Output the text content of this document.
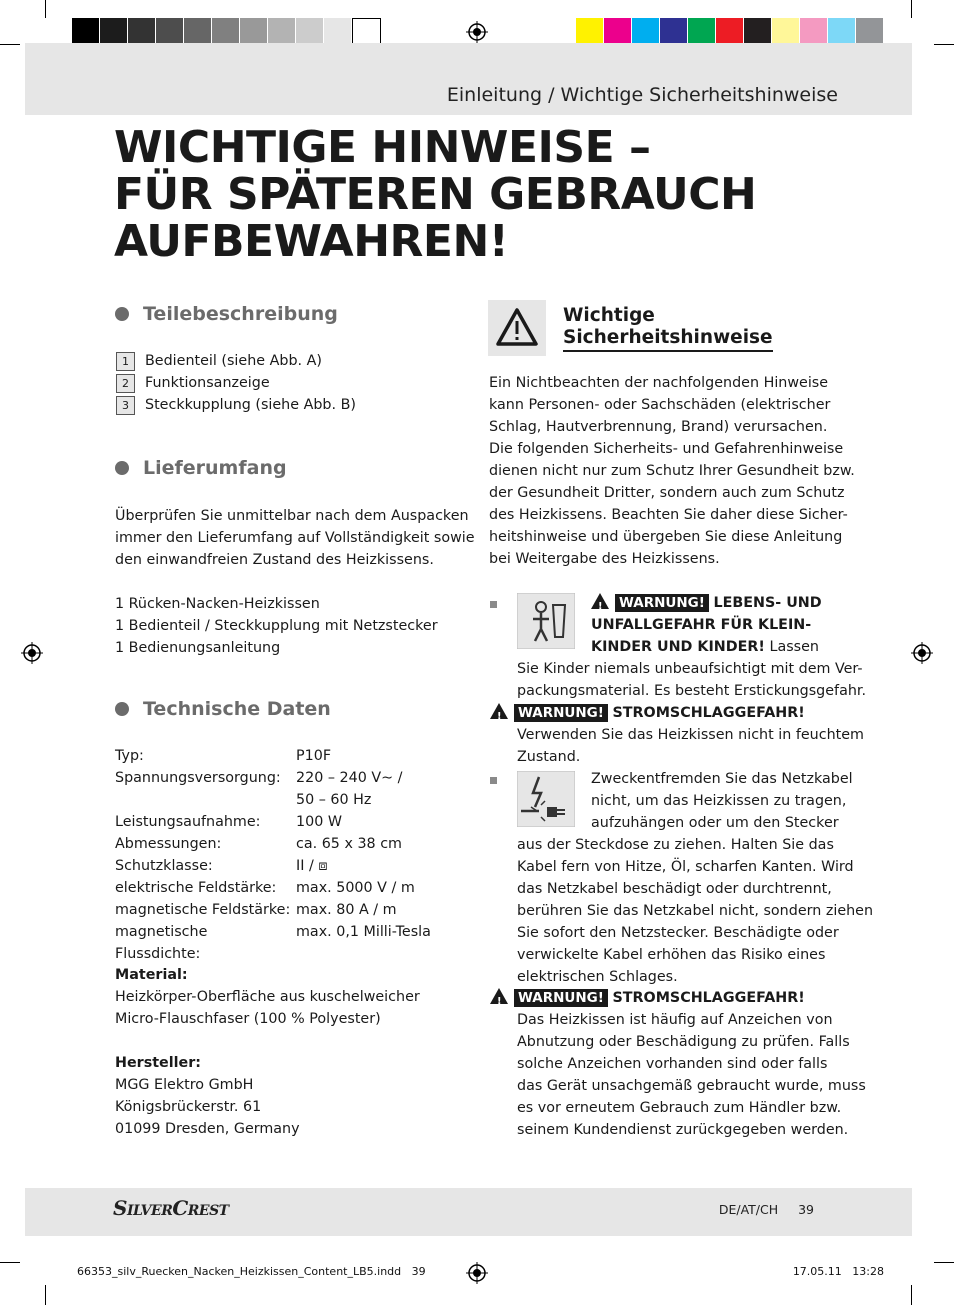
Einleitung / Wichtige Sicherheitshinweise
WICHTIGE HINWEISE –
FÜR SPÄTEREN GEBRAUCH
AUFBEWAHREN!
Teilebeschreibung
1 Bedienteil (siehe Abb. A)
2 Funktionsanzeige
3 Steckkupplung (siehe Abb. B)
Lieferumfang
Überprüfen Sie unmittelbar nach dem Auspacken
immer den Lieferumfang auf Vollständigkeit sowie
den einwandfreien Zustand des Heizkissens.
1 Rücken-Nacken-Heizkissen
1 Bedienteil / Steckkupplung mit Netzstecker
1 Bedienungsanleitung
Technische Daten
Typ:	P10F
Spannungsversorgung:	220 – 240 V∼ /
	50 – 60 Hz
Leistungsaufnahme:	100 W
Abmessungen:	ca. 65 x 38 cm
Schutzklasse:	II / ⧈
elektrische Feldstärke:	max. 5000 V / m
magnetische Feldstärke:	max. 80 A / m
magnetische Flussdichte:	max. 0,1 Milli-Tesla
Material:
Heizkörper-Oberfläche aus kuschelweicher
Micro-Flauschfaser (100 % Polyester)
Hersteller:
MGG Elektro GmbH
Königsbrückerstr. 61
01099 Dresden, Germany
Wichtige
Sicherheitshinweise
Ein Nichtbeachten der nachfolgenden Hinweise
kann Personen- oder Sachschäden (elektrischer
Schlag, Hautverbrennung, Brand) verursachen.
Die folgenden Sicherheits- und Gefahrenhinweise
dienen nicht nur zum Schutz Ihrer Gesundheit bzw.
der Gesundheit Dritter, sondern auch zum Schutz
des Heizkissens. Beachten Sie daher diese Sicher-
heitshinweise und übergeben Sie diese Anleitung
bei Weitergabe des Heizkissens.
!WARNUNG! LEBENS- UND
UNFALLGEFAHR FÜR KLEIN-
KINDER UND KINDER! Lassen
Sie Kinder niemals unbeaufsichtigt mit dem Ver-
packungsmaterial. Es besteht Erstickungsgefahr.
!WARNUNG! STROMSCHLAGGEFAHR!
Verwenden Sie das Heizkissen nicht in feuchtem
Zustand.
Zweckentfremden Sie das Netzkabel
nicht, um das Heizkissen zu tragen,
aufzuhängen oder um den Stecker
aus der Steckdose zu ziehen. Halten Sie das
Kabel fern von Hitze, Öl, scharfen Kanten. Wird
das Netzkabel beschädigt oder durchtrennt,
berühren Sie das Netzkabel nicht, sondern ziehen
Sie sofort den Netzstecker. Beschädigte oder
verwickelte Kabel erhöhen das Risiko eines
elektrischen Schlages.
!WARNUNG! STROMSCHLAGGEFAHR!
Das Heizkissen ist häufig auf Anzeichen von
Abnutzung oder Beschädigung zu prüfen. Falls
solche Anzeichen vorhanden sind oder falls
das Gerät unsachgemäß gebraucht wurde, muss
es vor erneutem Gebrauch zum Händler bzw.
seinem Kundendienst zurückgegeben werden.
SilverCrest	DE/AT/CH 39
66353_silv_Ruecken_Nacken_Heizkissen_Content_LB5.indd   39	17.05.11   13:28
